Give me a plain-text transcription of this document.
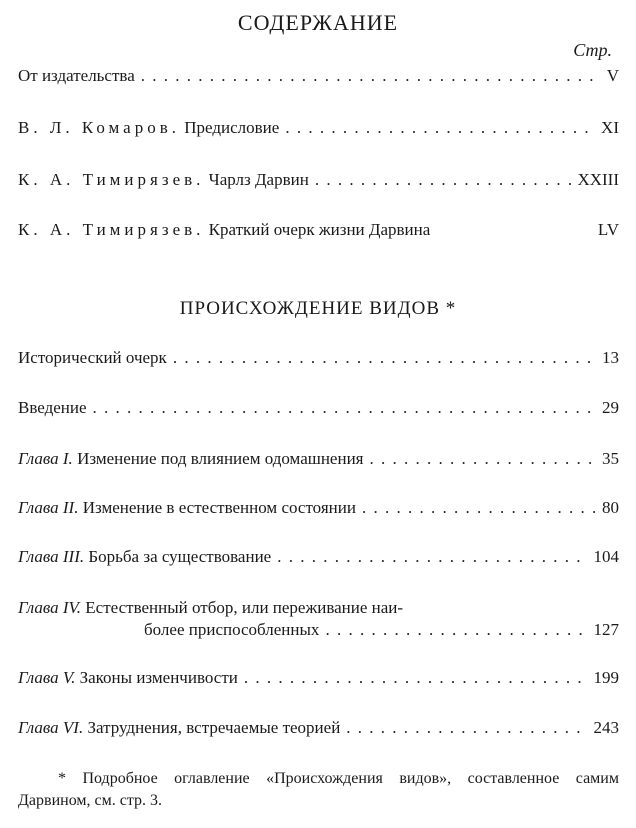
СОДЕРЖАНИЕ
Стр.
От издательства . . .	V
В. Л. Комаров. Предисловие . . .	XI
К. А. Тимирязев. Чарлз Дарвин . . .	XXIII
К. А. Тимирязев. Краткий очерк жизни Дарвина	LV
ПРОИСХОЖДЕНИЕ ВИДОВ *
Исторический очерк . . .	13
Введение . . .	29
Глава I. Изменение под влиянием одомашнения . . .	35
Глава II. Изменение в естественном состоянии . . .	80
Глава III. Борьба за существование . . .	104
Глава IV. Естественный отбор, или переживание наи-
более приспособленных . . .	127
Глава V. Законы изменчивости . . .	199
Глава VI. Затруднения, встречаемые теорией . . .	243
* Подробное оглавление «Происхождения видов», составленное самим Дарвином, см. стр. 3.
